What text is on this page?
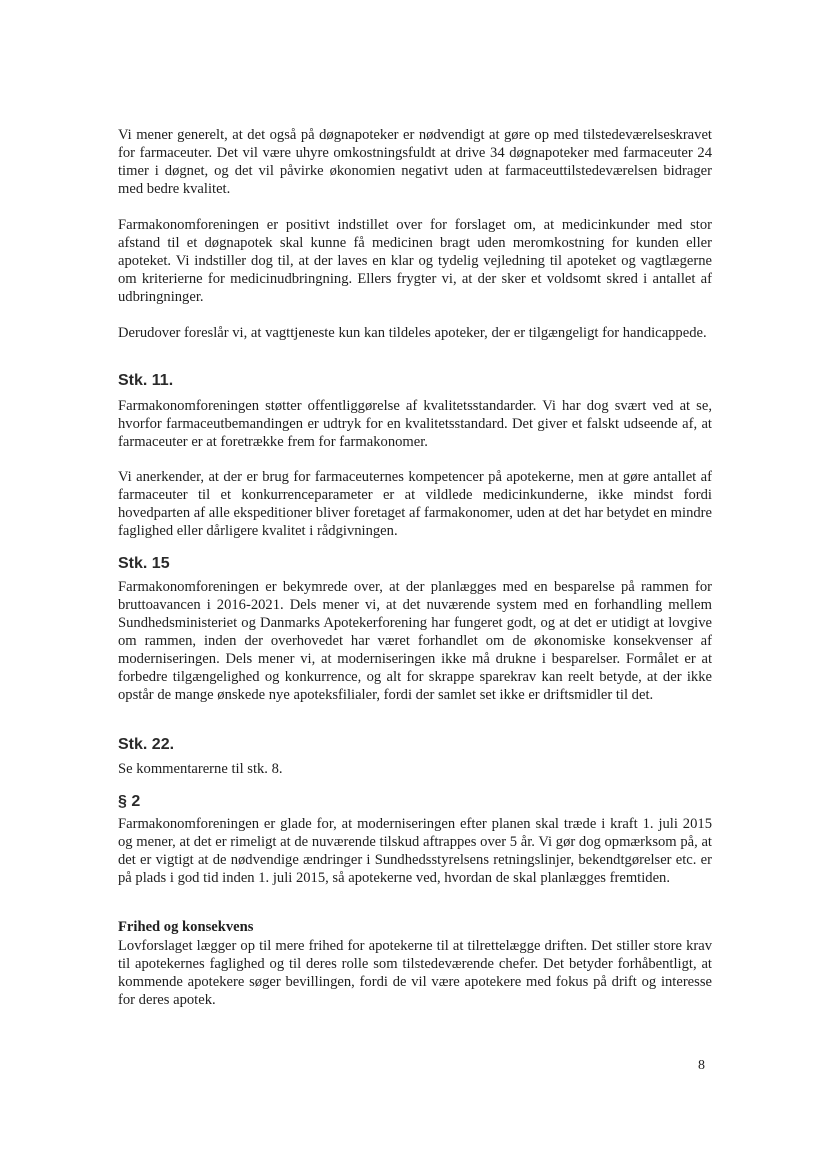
Vi mener generelt, at det også på døgnapoteker er nødvendigt at gøre op med tilstedeværelseskravet for farmaceuter. Det vil være uhyre omkostningsfuldt at drive 34 døgnapoteker med farmaceuter 24 timer i døgnet, og det vil påvirke økonomien negativt uden at farmaceuttilstedeværelsen bidrager med bedre kvalitet.

Farmakonomforeningen er positivt indstillet over for forslaget om, at medicinkunder med stor afstand til et døgnapotek skal kunne få medicinen bragt uden meromkostning for kunden eller apoteket. Vi indstiller dog til, at der laves en klar og tydelig vejledning til apoteket og vagtlægerne om kriterierne for medicinudbringning. Ellers frygter vi, at der sker et voldsomt skred i antallet af udbringninger.

Derudover foreslår vi, at vagttjeneste kun kan tildeles apoteker, der er tilgængeligt for handicappede.

Stk. 11.

Farmakonomforeningen støtter offentliggørelse af kvalitetsstandarder. Vi har dog svært ved at se, hvorfor farmaceutbemandingen er udtryk for en kvalitetsstandard. Det giver et falskt udseende af, at farmaceuter er at foretrække frem for farmakonomer.

Vi anerkender, at der er brug for farmaceuternes kompetencer på apotekerne, men at gøre antallet af farmaceuter til et konkurrenceparameter er at vildlede medicinkunderne, ikke mindst fordi hovedparten af alle ekspeditioner bliver foretaget af farmakonomer, uden at det har betydet en mindre faglighed eller dårligere kvalitet i rådgivningen.

Stk. 15

Farmakonomforeningen er bekymrede over, at der planlægges med en besparelse på rammen for bruttoavancen i 2016-2021. Dels mener vi, at det nuværende system med en forhandling mellem Sundhedsministeriet og Danmarks Apotekerforening har fungeret godt, og at det er utidigt at lovgive om rammen, inden der overhovedet har været forhandlet om de økonomiske konsekvenser af moderniseringen. Dels mener vi, at moderniseringen ikke må drukne i besparelser. Formålet er at forbedre tilgængelighed og konkurrence, og alt for skrappe sparekrav kan reelt betyde, at der ikke opstår de mange ønskede nye apoteksfilialer, fordi der samlet set ikke er driftsmidler til det.

Stk. 22.

Se kommentarerne til stk. 8.

§ 2

Farmakonomforeningen er glade for, at moderniseringen efter planen skal træde i kraft 1. juli 2015 og mener, at det er rimeligt at de nuværende tilskud aftrappes over 5 år. Vi gør dog opmærksom på, at det er vigtigt at de nødvendige ændringer i Sundhedsstyrelsens retningslinjer, bekendtgørelser etc. er på plads i god tid inden 1. juli 2015, så apotekerne ved, hvordan de skal planlægges fremtiden.

Frihed og konsekvens

Lovforslaget lægger op til mere frihed for apotekerne til at tilrettelægge driften. Det stiller store krav til apotekernes faglighed og til deres rolle som tilstedeværende chefer. Det betyder forhåbentligt, at kommende apotekere søger bevillingen, fordi de vil være apotekere med fokus på drift og interesse for deres apotek.

8
